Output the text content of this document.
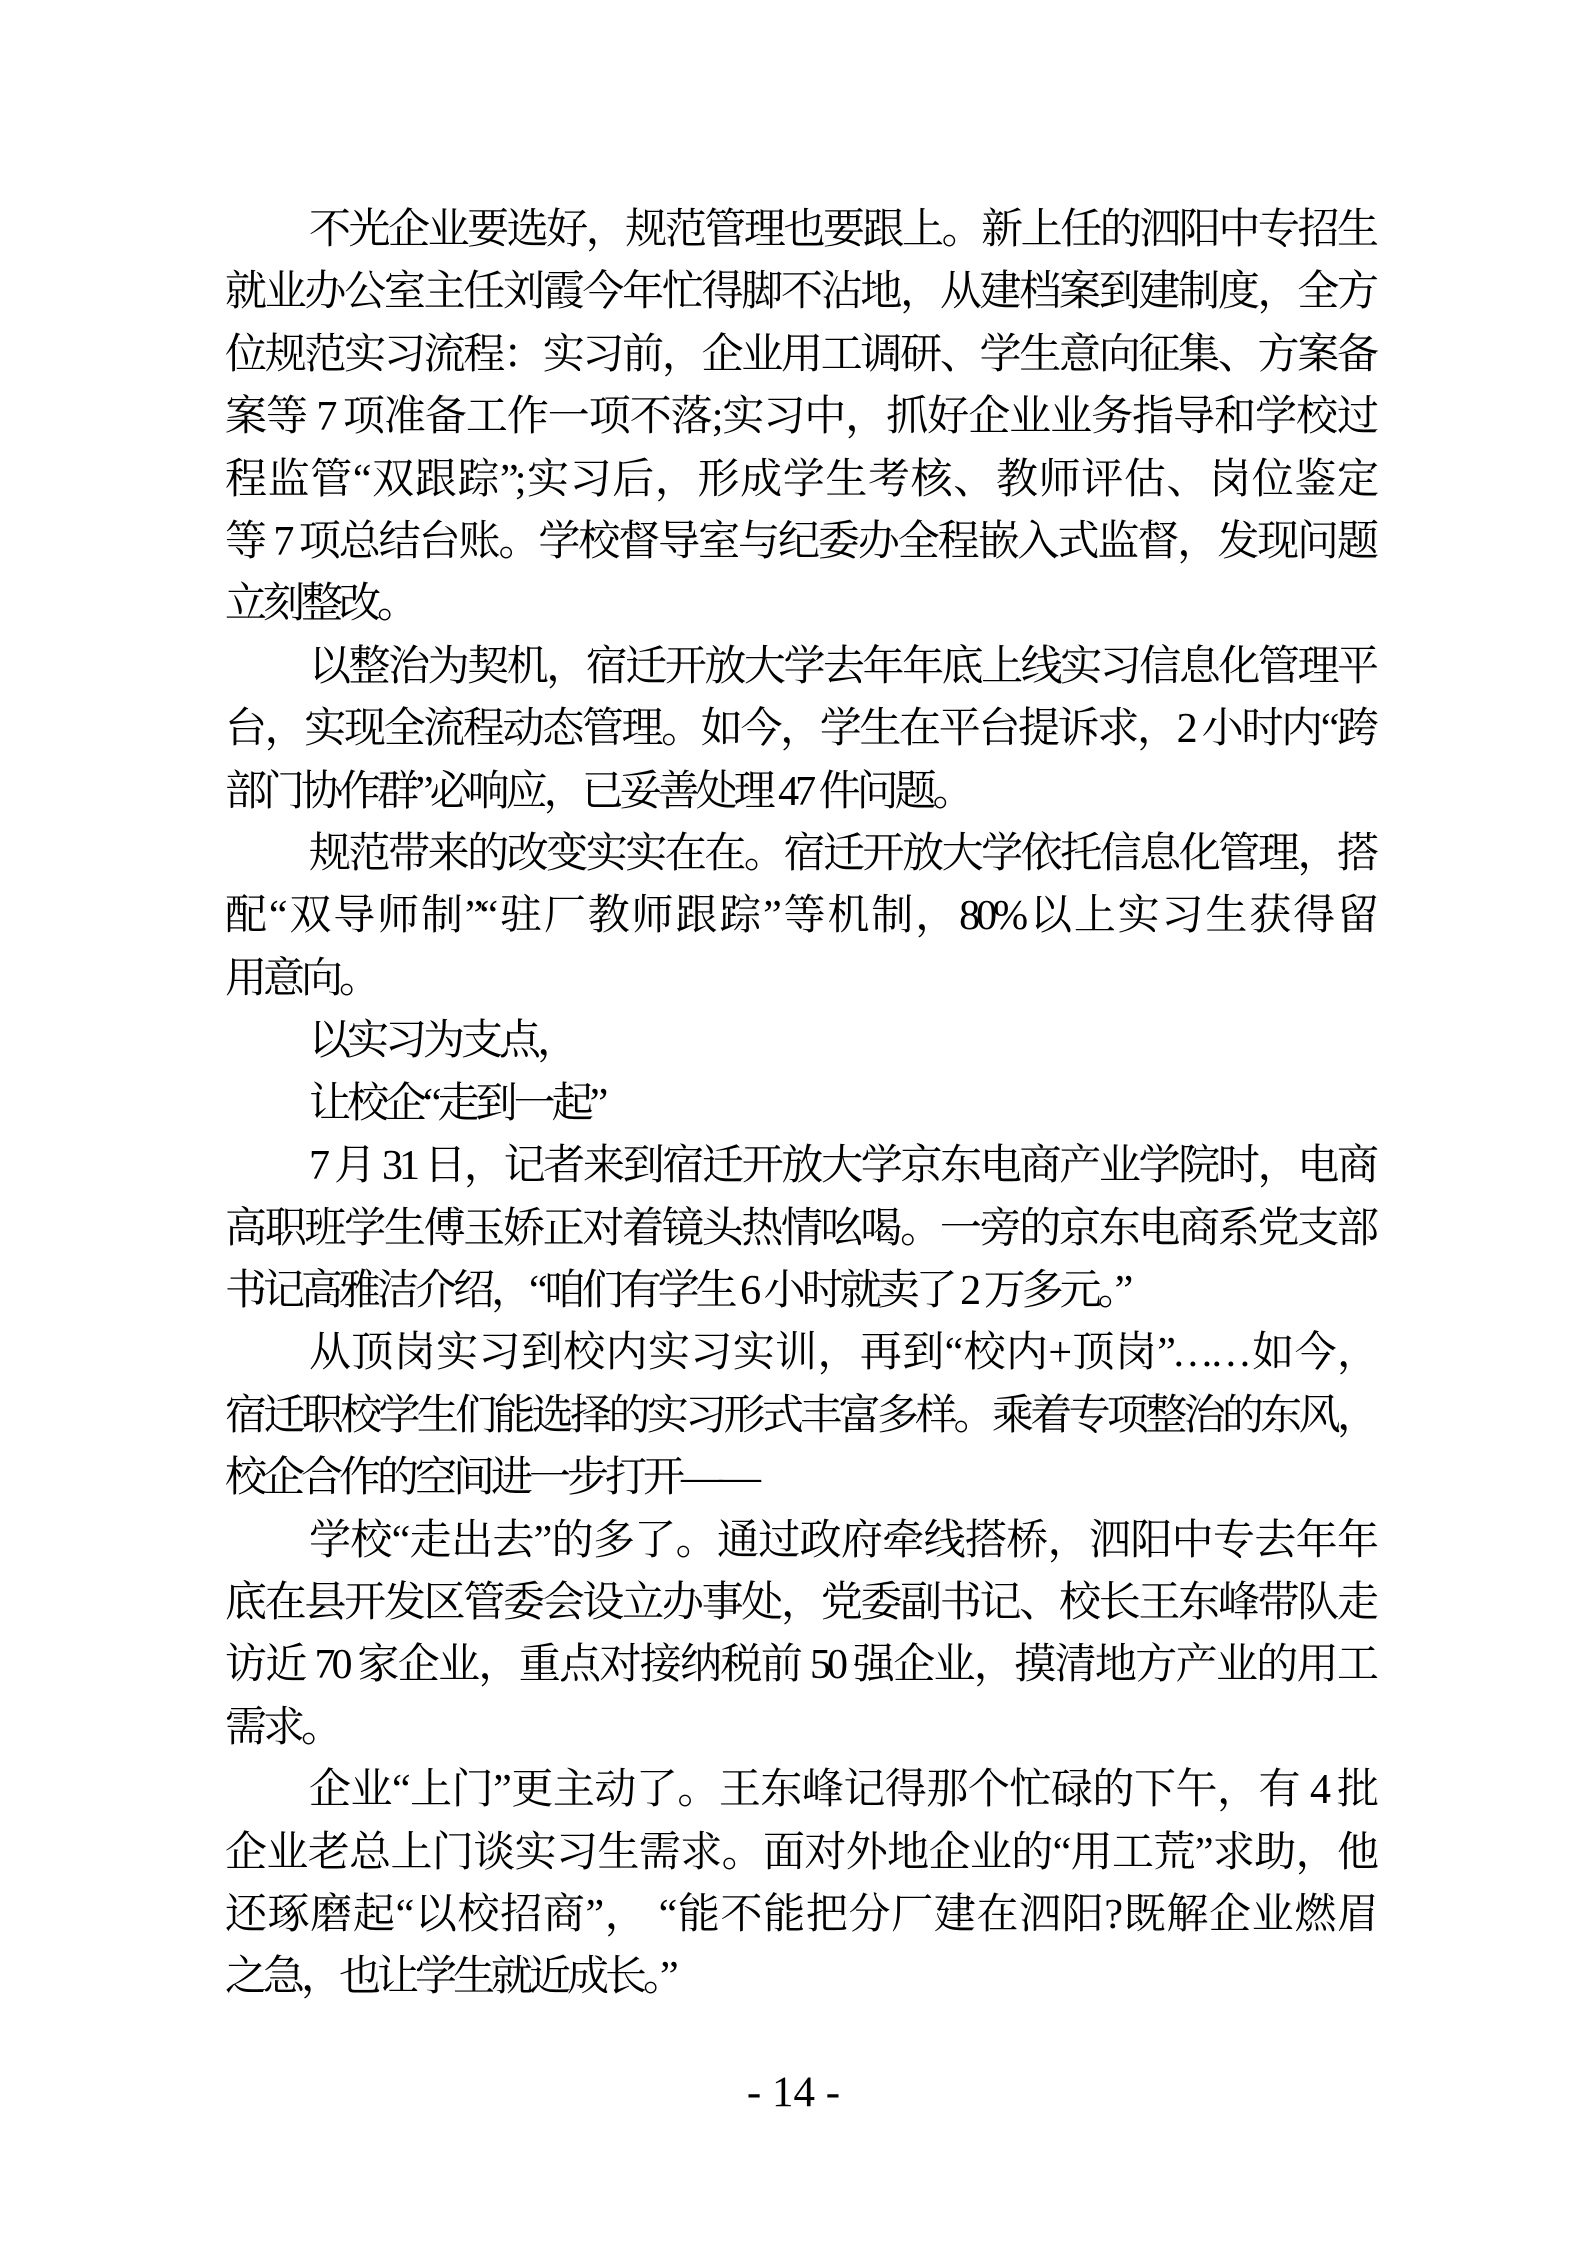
不光企业要选好，规范管理也要跟上。新上任的泗阳中专招生
就业办公室主任刘霞今年忙得脚不沾地，从建档案到建制度，全方
位规范实习流程：实习前，企业用工调研、学生意向征集、方案备
案等 7 项准备工作一项不落;实习中，抓好企业业务指导和学校过
程监管“双跟踪”;实习后，形成学生考核、教师评估、岗位鉴定
等 7 项总结台账。学校督导室与纪委办全程嵌入式监督，发现问题
立刻整改。
以整治为契机，宿迁开放大学去年年底上线实习信息化管理平
台，实现全流程动态管理。如今，学生在平台提诉求，2 小时内“跨
部门协作群”必响应，已妥善处理 47 件问题。
规范带来的改变实实在在。宿迁开放大学依托信息化管理，搭
配“双导师制”“驻厂教师跟踪”等机制，80%以上实习生获得留
用意向。
以实习为支点，
让校企“走到一起”
7 月 31 日，记者来到宿迁开放大学京东电商产业学院时，电商
高职班学生傅玉娇正对着镜头热情吆喝。一旁的京东电商系党支部
书记高雅洁介绍，“咱们有学生 6 小时就卖了 2 万多元。”
从顶岗实习到校内实习实训，再到“校内+顶岗”……如今，
宿迁职校学生们能选择的实习形式丰富多样。乘着专项整治的东风，
校企合作的空间进一步打开——
学校“走出去”的多了。通过政府牵线搭桥，泗阳中专去年年
底在县开发区管委会设立办事处，党委副书记、校长王东峰带队走
访近 70 家企业，重点对接纳税前 50 强企业，摸清地方产业的用工
需求。
企业“上门”更主动了。王东峰记得那个忙碌的下午，有 4 批
企业老总上门谈实习生需求。面对外地企业的“用工荒”求助，他
还琢磨起“以校招商”， “能不能把分厂建在泗阳?既解企业燃眉
之急，也让学生就近成长。”
- 14 -
